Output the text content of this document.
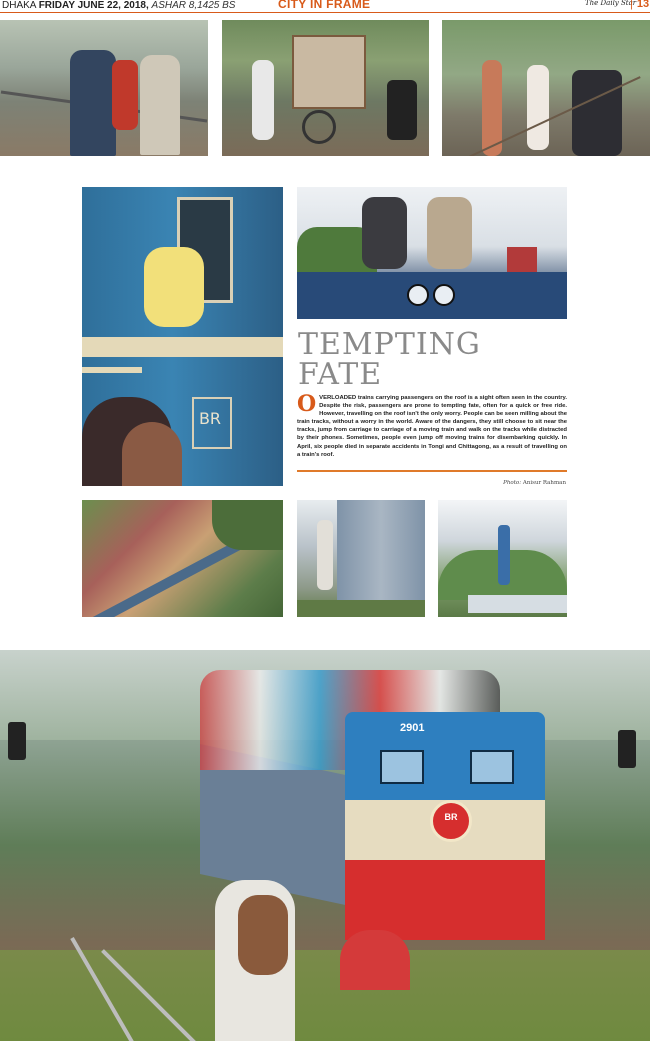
DHAKA FRIDAY JUNE 22, 2018, ASHAR 8,1425 BS	CITY IN FRAME	The Daily Star
| 13
BR
TEMPTING
FATE
OVERLOADED trains carrying passengers on the roof is a sight often seen in the country. Despite the risk, passengers are prone to tempting fate, often for a quick or free ride. However, travelling on the roof isn't the only worry. People can be seen milling about the train tracks, without a worry in the world. Aware of the dangers, they still choose to sit near the tracks, jump from carriage to carriage of a moving train and walk on the tracks while distracted by their phones. Sometimes, people even jump off moving trains for disembarking quickly. In April, six people died in separate accidents in Tongi and Chittagong, as a result of travelling on a train's roof.
Photo: Anisur Rahman
BR
2901
